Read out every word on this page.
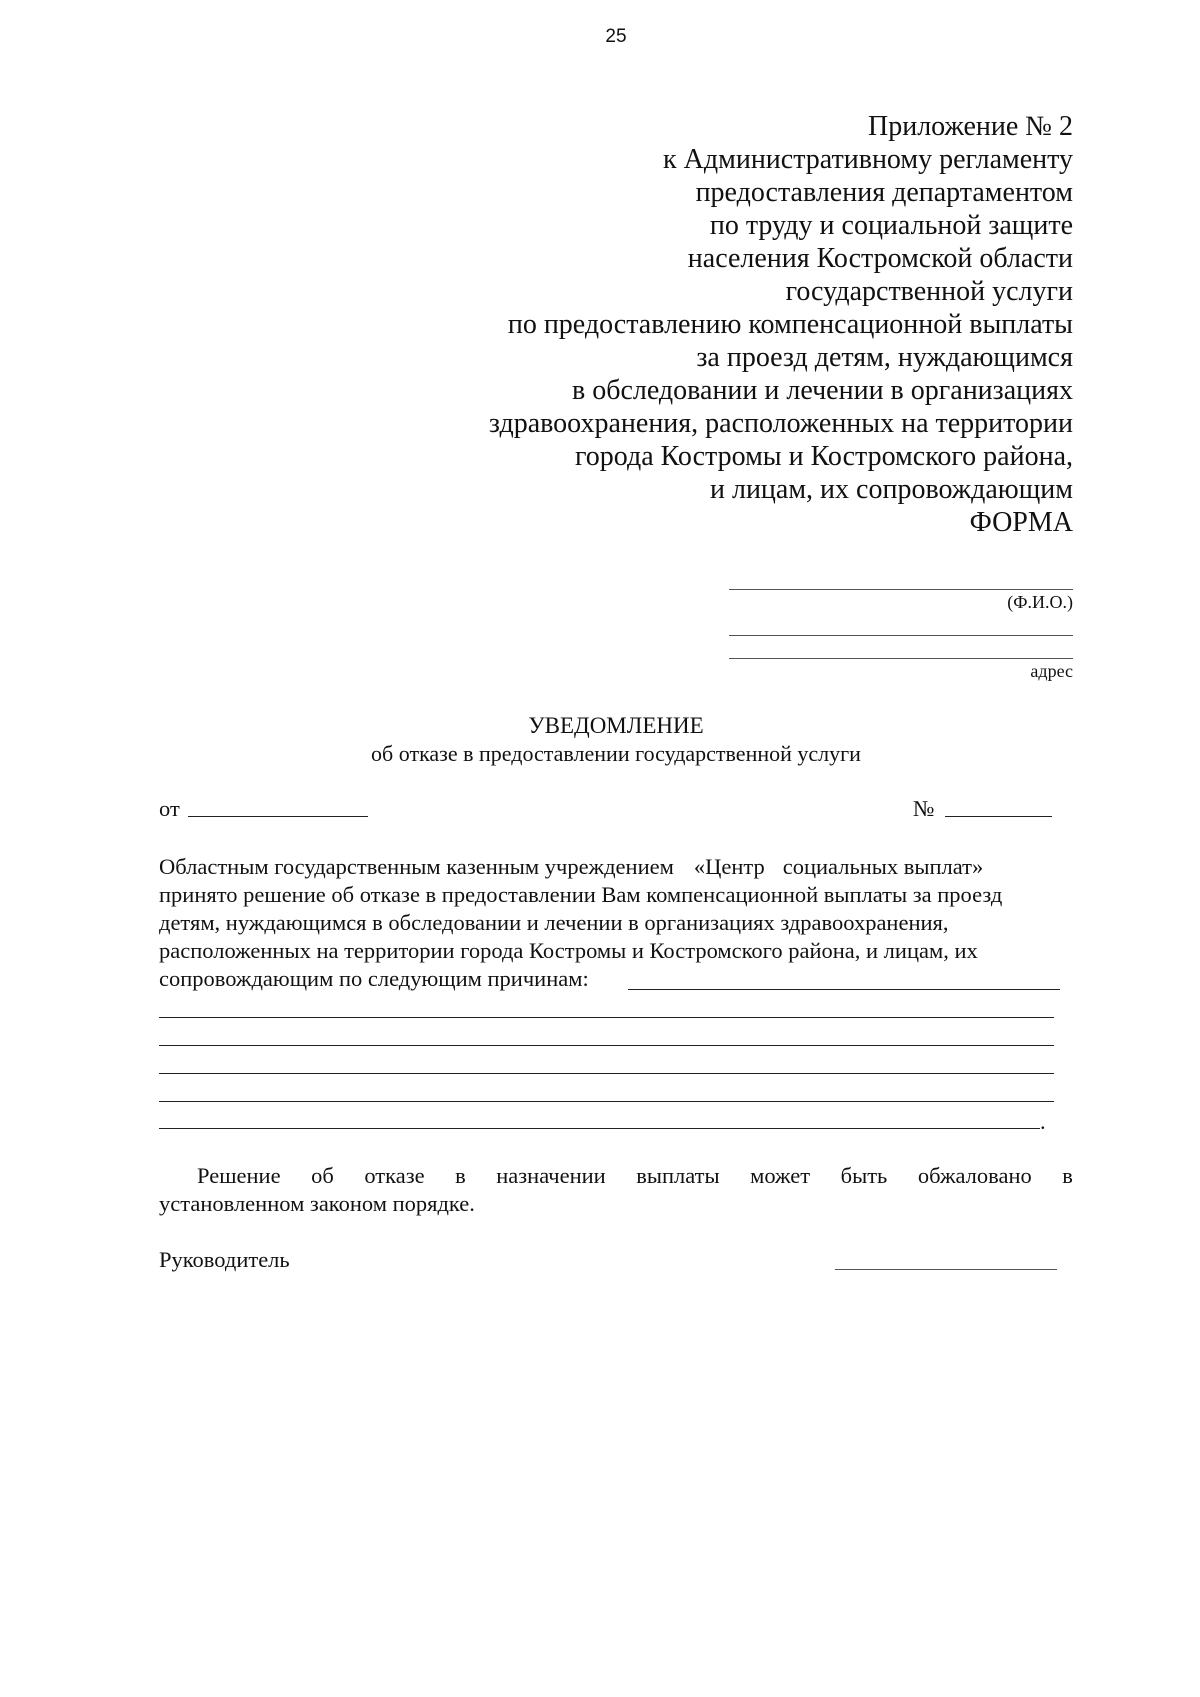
25
Приложение № 2
к Административному регламенту
предоставления департаментом
по труду и социальной защите
населения Костромской области
государственной услуги
по предоставлению компенсационной выплаты
за проезд детям, нуждающимся
в обследовании и лечении в организациях
здравоохранения, расположенных на территории
города Костромы и Костромского района,
и лицам, их сопровождающим
ФОРМА
(Ф.И.О.)
адрес
УВЕДОМЛЕНИЕ
об отказе в предоставлении государственной услуги
от	№
Областным государственным казенным учреждением «Центр социальных выплат»
принято решение об отказе в предоставлении Вам компенсационной выплаты за проезд
детям, нуждающимся в обследовании и лечении в организациях здравоохранения,
расположенных на территории города Костромы и Костромского района, и лицам, их
сопровождающим по следующим причинам:
.
Решение об отказе в назначении выплаты может быть обжаловано в
установленном законом порядке.
Руководитель
